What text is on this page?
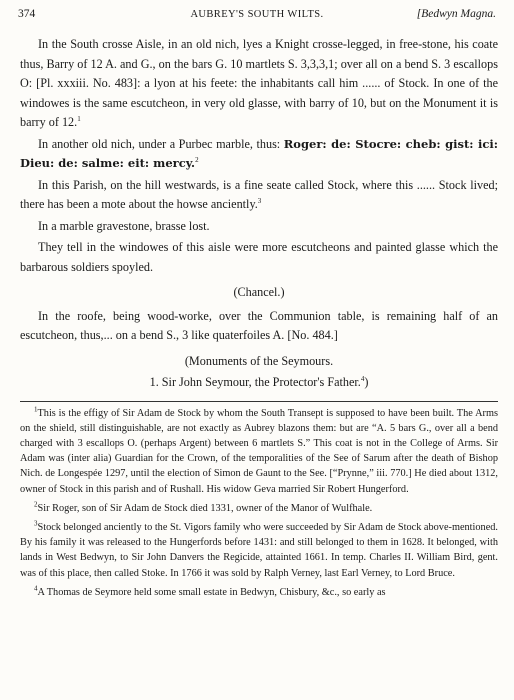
374	AUBREY'S SOUTH WILTS.	[Bedwyn Magna.

In the South crosse Aisle, in an old nich, lyes a Knight crosse-legged, in free-stone, his coate thus, Barry of 12 A. and G., on the bars G. 10 martlets S. 3,3,3,1; over all on a bend S. 3 escallops O: [Pl. xxxiii. No. 483]: a lyon at his feete: the inhabitants call him ...... of Stock. In one of the windowes is the same escutcheon, in very old glasse, with barry of 10, but on the Monument it is barry of 12.$^1$

In another old nich, under a Purbec marble, thus: Roger: de: Stocre: cheb: gist: ici: Dieu: de: salme: eit: mercy.$^2$

In this Parish, on the hill westwards, is a fine seate called Stock, where this ...... Stock lived; there has been a mote about the howse anciently.$^3$

In a marble gravestone, brasse lost.

They tell in the windowes of this aisle were more escutcheons and painted glasse which the barbarous soldiers spoyled.

(Chancel.)

In the roofe, being wood-worke, over the Communion table, is remaining half of an escutcheon, thus,... on a bend S., 3 like quaterfoiles A. [No. 484.]

(Monuments of the Seymours.

1. Sir John Seymour, the Protector's Father.$^4$)

$^1$This is the effigy of Sir Adam de Stock by whom the South Transept is supposed to have been built. The Arms on the shield, still distinguishable, are not exactly as Aubrey blazons them: but are “A. 5 bars G., over all a bend charged with 3 escallops O. (perhaps Argent) between 6 martlets S.” This coat is not in the College of Arms. Sir Adam was (inter alia) Guardian for the Crown, of the temporalities of the See of Sarum after the death of Bishop Nich. de Longespée 1297, until the election of Simon de Gaunt to the See. [“Prynne,” iii. 770.] He died about 1312, owner of Stock in this parish and of Rushall. His widow Geva married Sir Robert Hungerford.

$^2$Sir Roger, son of Sir Adam de Stock died 1331, owner of the Manor of Wulfhale.

$^3$Stock belonged anciently to the St. Vigors family who were succeeded by Sir Adam de Stock above-mentioned. By his family it was released to the Hungerfords before 1431: and still belonged to them in 1628. It belonged, with lands in West Bedwyn, to Sir John Danvers the Regicide, attainted 1661. In temp. Charles II. William Bird, gent. was of this place, then called Stoke. In 1766 it was sold by Ralph Verney, last Earl Verney, to Lord Bruce.

$^4$A Thomas de Seymore held some small estate in Bedwyn, Chisbury, &c., so early as
